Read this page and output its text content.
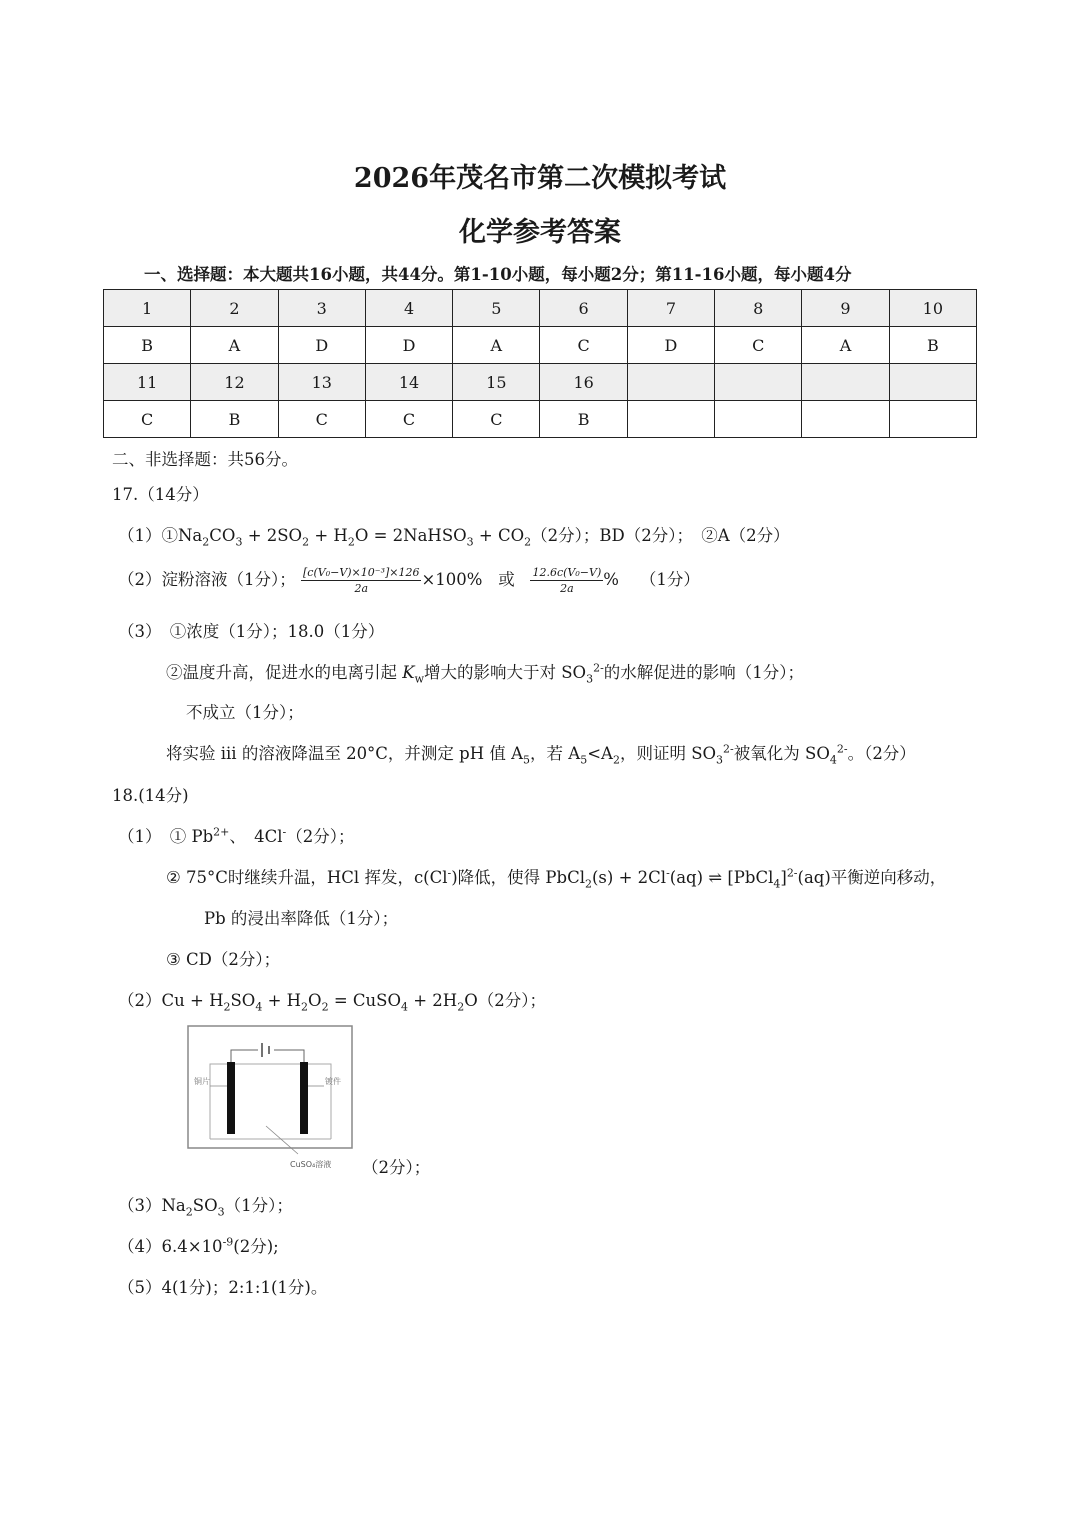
2026年茂名市第二次模拟考试
化学参考答案
一、选择题：本大题共16小题，共44分。第1-10小题，每小题2分；第11-16小题，每小题4分
1	2	3	4	5	6	7	8	9	10
B	A	D	D	A	C	D	C	A	B
11	12	13	14	15	16				
C	B	C	C	C	B				
二、非选择题：共56分。
17.（14分）
$(1)①Na_2CO_3 + 2SO_2 + H_2O$ = 2NaHSO$_3$ + $CO_2(2$分）；BD（2分）；　②A（2分）
（2）淀粉溶液（1分）； $\frac{\text{[c(V₀−V)×10⁻³]×126}}{2a} \times 100\%$ 或 $\frac{\text{12.6c(V₀−V)}}{2a}$ % （1分）
（3）　①浓度（1分）；18.0（1分）
②温度升高，促进水的电离引起 $K_w$增大的影响大于对 $SO_3^{2-}$的水解促进的影响（1分）；
不成立（1分）；
将实验 iii 的溶液降温至 20°C，并测定 pH 值 $A_5$，若 $A_5<A_2$，则证明 $SO_3^{2-}$被氧化为 $SO_4^{2-}$。（2分）
18.(14分)
（1）　① $Pb^{2+}$、　4Cl-（2分）；
② 75°C时继续升温，HCl 挥发，c(Cl-)降低，使得 PbCl$_2$(s) + 2Cl-(aq) ⇌ [PbCl$_4$]$^{2-}$(aq)平衡逆向移动，
Pb 的浸出率降低（1分）；
③ CD（2分）；
$(2)Cu + H_2SO_4 + H_2O_2$ = CuSO$_4$ + $2H_2O(2$分）；
铜片	镀件
CuSO₄溶液 （2分）；
$(3)Na_2SO_3(1$分）；
$(4)6.4\times 10^{-9}(2$分);
（5）4(1分)；2:1:1(1分)。
